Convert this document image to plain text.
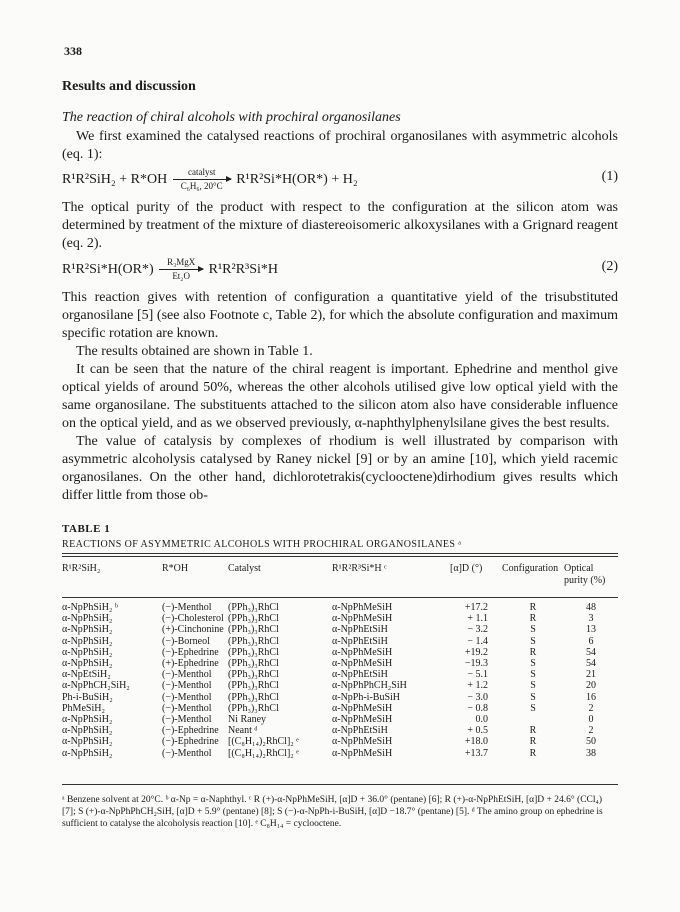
338
Results and discussion
The reaction of chiral alcohols with prochiral organosilanes

We first examined the catalysed reactions of prochiral organosilanes with asymmetric alcohols (eq. 1):

R¹R²SiH₂ + R*OH
catalyst
C₆H₆, 20°C R¹R²Si*H(OR*) + H₂	(1)

The optical purity of the product with respect to the configuration at the silicon atom was determined by treatment of the mixture of diastereoisomeric alkoxysilanes with a Grignard reagent (eq. 2).

R¹R²Si*H(OR*)
R₃MgX
Et₂O	R¹R²R³Si*H	(2)

This reaction gives with retention of configuration a quantitative yield of the trisubstituted organosilane [5] (see also Footnote c, Table 2), for which the absolute configuration and maximum specific rotation are known.

The results obtained are shown in Table 1.

It can be seen that the nature of the chiral reagent is important. Ephedrine and menthol give optical yields of around 50%, whereas the other alcohols utilised give low optical yield with the same organosilane. The substituents attached to the silicon atom also have considerable influence on the optical yield, and as we observed previously, α-naphthylphenylsilane gives the best results.

The value of catalysis by complexes of rhodium is well illustrated by comparison with asymmetric alcoholysis catalysed by Raney nickel [9] or by an amine [10], which yield racemic organosilanes. On the other hand, dichlorotetrakis(cyclooctene)dirhodium gives results which differ little from those ob-

TABLE 1
REACTIONS OF ASYMMETRIC ALCOHOLS WITH PROCHIRAL ORGANOSILANES ᵃ
R¹R²SiH₂	R*OH	Catalyst	R¹R²R³Si*H ᶜ	[α]D (°)	Configuration	Optical purity (%)

α-NpPhSiH₂ ᵇ	(−)-Menthol	(PPh₃)₃RhCl	α-NpPhMeSiH	+17.2	R	48
α-NpPhSiH₂	(−)-Cholesterol	(PPh₃)₃RhCl	α-NpPhMeSiH	+ 1.1	R	3
α-NpPhSiH₂	(+)-Cinchonine	(PPh₃)₃RhCl	α-NpPhEtSiH	− 3.2	S	13
α-NpPhSiH₂	(−)-Borneol	(PPh₃)₃RhCl	α-NpPhEtSiH	− 1.4	S	6
α-NpPhSiH₂	(−)-Ephedrine	(PPh₃)₃RhCl	α-NpPhMeSiH	+19.2	R	54
α-NpPhSiH₂	(+)-Ephedrine	(PPh₃)₃RhCl	α-NpPhMeSiH	−19.3	S	54
α-NpEtSiH₂	(−)-Menthol	(PPh₃)₃RhCl	α-NpPhEtSiH	− 5.1	S	21
α-NpPhCH₂SiH₂	(−)-Menthol	(PPh₃)₃RhCl	α-NpPhPhCH₂SiH	+ 1.2	S	20
Ph-i-BuSiH₂	(−)-Menthol	(PPh₃)₃RhCl	α-NpPh-i-BuSiH	− 3.0	S	16
PhMeSiH₂	(−)-Menthol	(PPh₃)₃RhCl	α-NpPhMeSiH	− 0.8	S	2
α-NpPhSiH₂	(−)-Menthol	Ni Raney	α-NpPhMeSiH	0.0		0
α-NpPhSiH₂	(−)-Ephedrine	Neant ᵈ	α-NpPhEtSiH	+ 0.5	R	2
α-NpPhSiH₂	(−)-Ephedrine	[(C₈H₁₄)₂RhCl]₂ ᵉ	α-NpPhMeSiH	+18.0	R	50
α-NpPhSiH₂	(−)-Menthol	[(C₈H₁₄)₂RhCl]₂ ᵉ	α-NpPhMeSiH	+13.7	R	38
ᵃ Benzene solvent at 20°C. ᵇ α-Np = α-Naphthyl. ᶜ R (+)-α-NpPhMeSiH, [α]D + 36.0° (pentane) [6]; R (+)-α-NpPhEtSiH, [α]D + 24.6° (CCl₄) [7]; S (+)-α-NpPhPhCH₂SiH, [α]D + 5.9° (pentane) [8]; S (−)-α-NpPh-i-BuSiH, [α]D −18.7° (pentane) [5]. ᵈ The amino group on ephedrine is sufficient to catalyse the alcoholysis reaction [10]. ᵉ C₈H₁₄ = cyclooctene.
